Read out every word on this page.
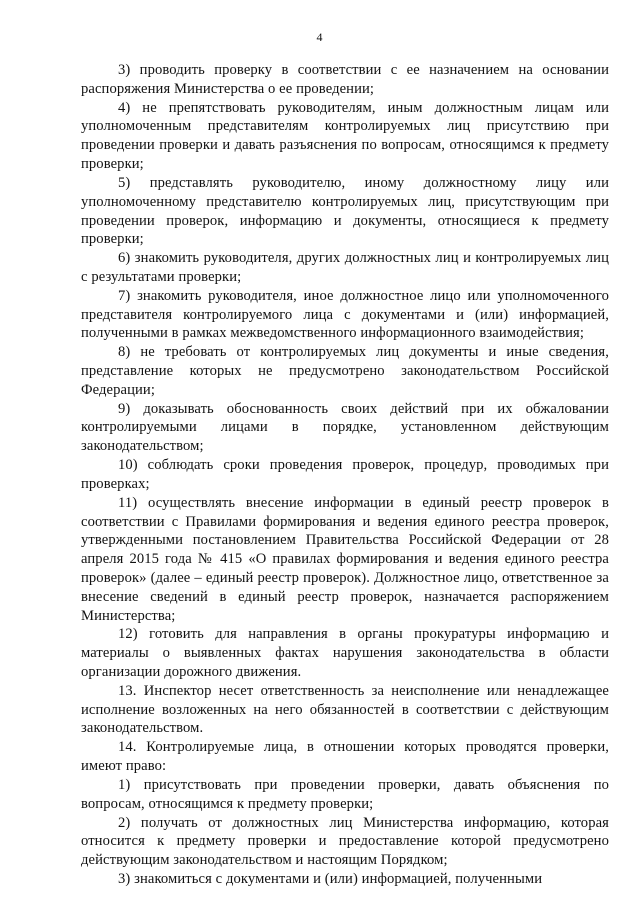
4

3) проводить проверку в соответствии с ее назначением на основании распоряжения Министерства о ее проведении;

4) не препятствовать руководителям, иным должностным лицам или уполномоченным представителям контролируемых лиц присутствию при проведении проверки и давать разъяснения по вопросам, относящимся к предмету проверки;

5) представлять руководителю, иному должностному лицу или уполномоченному представителю контролируемых лиц, присутствующим при проведении проверок, информацию и документы, относящиеся к предмету проверки;

6) знакомить руководителя, других должностных лиц и контролируемых лиц с результатами проверки;

7) знакомить руководителя, иное должностное лицо или уполномоченного представителя контролируемого лица с документами и (или) информацией, полученными в рамках межведомственного информационного взаимодействия;

8) не требовать от контролируемых лиц документы и иные сведения, представление которых не предусмотрено законодательством Российской Федерации;

9) доказывать обоснованность своих действий при их обжаловании контролируемыми лицами в порядке, установленном действующим законодательством;

10) соблюдать сроки проведения проверок, процедур, проводимых при проверках;

11) осуществлять внесение информации в единый реестр проверок в соответствии с Правилами формирования и ведения единого реестра проверок, утвержденными постановлением Правительства Российской Федерации от 28 апреля 2015 года № 415 «О правилах формирования и ведения единого реестра проверок» (далее – единый реестр проверок). Должностное лицо, ответственное за внесение сведений в единый реестр проверок, назначается распоряжением Министерства;

12) готовить для направления в органы прокуратуры информацию и материалы о выявленных фактах нарушения законодательства в области организации дорожного движения.

13. Инспектор несет ответственность за неисполнение или ненадлежащее исполнение возложенных на него обязанностей в соответствии с действующим законодательством.

14. Контролируемые лица, в отношении которых проводятся проверки, имеют право:

1) присутствовать при проведении проверки, давать объяснения по вопросам, относящимся к предмету проверки;

2) получать от должностных лиц Министерства информацию, которая относится к предмету проверки и предоставление которой предусмотрено действующим законодательством и настоящим Порядком;

3) знакомиться с документами и (или) информацией, полученными
